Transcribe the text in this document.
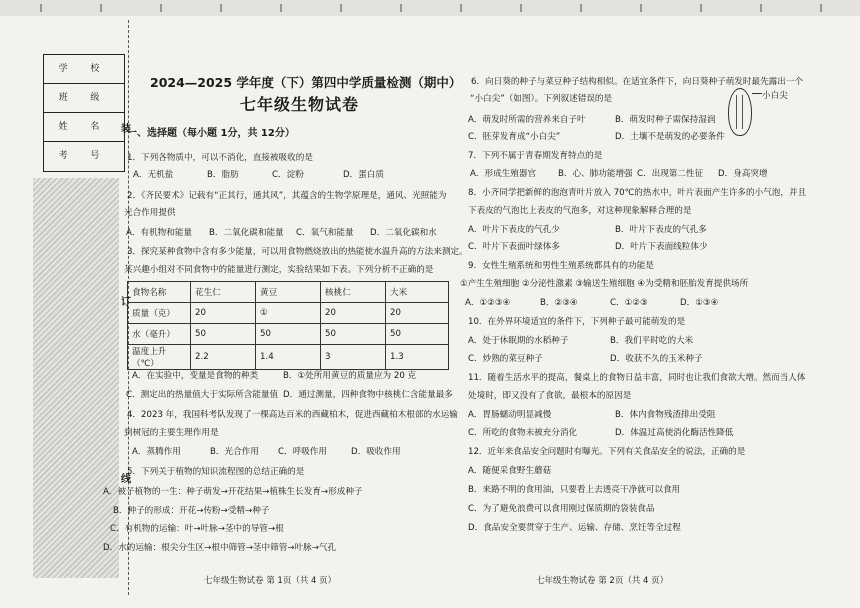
学 校
班 级
姓 名
考 号
装
订
线
2024—2025 学年度（下）第四中学质量检测（期中）
七年级生物试卷
一、选择题（每小题 1分，共 12分）
1．下列各物质中，可以不消化，直接被吸收的是
A．无机盐	B．脂肪	C．淀粉	D．蛋白质
2．《齐民要术》记载有“正其行，通其风”，其蕴含的生物学原理是，通风、光照能为
光合作用提供
A．有机物和能量 B．二氧化碳和能量 C．氧气和能量 D．二氧化碳和水
3．探究某种食物中含有多少能量，可以用食物燃烧放出的热能使水温升高的方法来测定。
某兴趣小组对不同食物中的能量进行测定，实验结果如下表。下列分析不正确的是
食物名称	花生仁	黄豆	核桃仁	大米
质量（克）	20	①	20	20
水（毫升）	50	50	50	50
温度上升（℃）	2.2	1.4	3	1.3
A．在实验中，变量是食物的种类	B．①处所用黄豆的质量应为 20 克
C．测定出的热量值大于实际所含能量值 D．通过测量，四种食物中核桃仁含能量最多
4．2023 年，我国科考队发现了一棵高达百米的西藏柏木，促进西藏柏木根部的水运输
到树冠的主要生理作用是
A．蒸腾作用	B．光合作用 C．呼吸作用	D．吸收作用
5．下列关于植物的知识流程图的总结正确的是
A．被子植物的一生：种子萌发→开花结果→植株生长发育→形成种子
B．种子的形成：开花→传粉→受精→种子
C．有机物的运输：叶→叶脉→茎中的导管→根
D．水的运输：根尖分生区→根中筛管→茎中筛管→叶脉→气孔
七年级生物试卷 第 1页（共 4 页）
6．向日葵的种子与菜豆种子结构相似。在适宜条件下，向日葵种子萌发时最先露出一个
“小白尖”（如图）。下列叙述错误的是	小白尖
A．萌发时所需的营养来自子叶	B．萌发时种子需保持湿润
C．胚芽发育成“小白尖”	D．土壤不是萌发的必要条件
7．下列不属于青春期发育特点的是
A．形成生殖器官	B．心、肺功能增强 C．出现第二性征 D．身高突增
8．小齐同学把新鲜的泡泡青叶片放入 70℃的热水中，叶片表面产生许多的小气泡，并且
下表皮的气泡比上表皮的气泡多，对这种现象解释合理的是
A．叶片下表皮的气孔少	B．叶片下表皮的气孔多
C．叶片下表面叶绿体多	D．叶片下表面线粒体少
9．女性生殖系统和男性生殖系统都具有的功能是
①产生生殖细胞 ②分泌性激素 ③输送生殖细胞 ④为受精和胚胎发育提供场所
A．①②③④	B．②③④	C．①②③	D．①③④
10．在外界环境适宜的条件下，下列种子最可能萌发的是
A．处于休眠期的水稻种子	B．我们平时吃的大米
C．炒熟的菜豆种子	D．收获不久的玉米种子
11．随着生活水平的提高，餐桌上的食物日益丰富，同时也让我们食欲大增。然而当人体
处境时，即又没有了食欲，最根本的原因是
A．胃肠蠕动明显减慢	B．体内食物残渣排出受阻
C．所吃的食物未被充分消化	D．体温过高使消化酶活性降低
12．近年来食品安全问题时有曝光。下列有关食品安全的说法，正确的是
A．随便采食野生蘑菇
B．来路不明的食用油，只要看上去透亮干净就可以食用
C．为了避免浪费可以食用刚过保质期的袋装食品
D．食品安全要贯穿于生产、运输、存储、烹饪等全过程
七年级生物试卷 第 2页（共 4 页）
